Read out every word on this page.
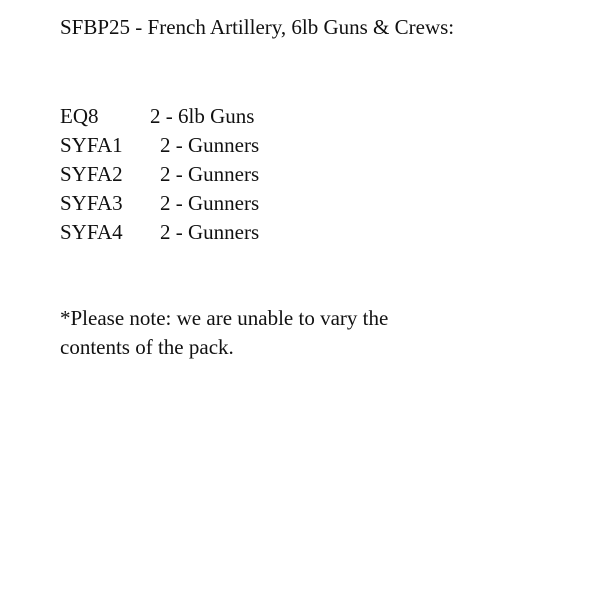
SFBP25 - French Artillery, 6lb Guns & Crews:
EQ8	2 - 6lb Guns
SYFA1	2 - Gunners
SYFA2	2 - Gunners
SYFA3	2 - Gunners
SYFA4	2 - Gunners
*Please note: we are unable to vary the
contents of the pack.
